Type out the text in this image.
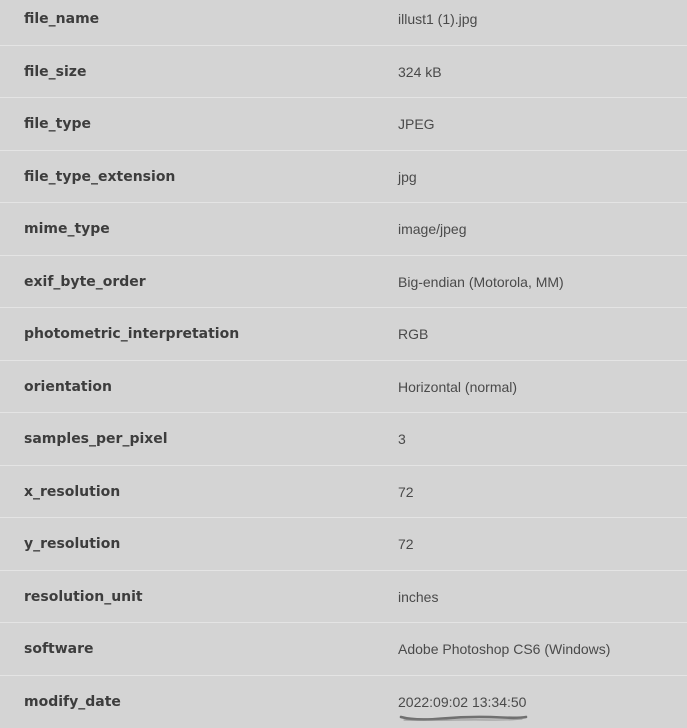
file_name	illust1 (1).jpg
file_size	324 kB
file_type	JPEG
file_type_extension	jpg
mime_type	image/jpeg
exif_byte_order	Big-endian (Motorola, MM)
photometric_interpretation	RGB
orientation	Horizontal (normal)
samples_per_pixel	3
x_resolution	72
y_resolution	72
resolution_unit	inches
software	Adobe Photoshop CS6 (Windows)
modify_date	2022:09:02 13:34:50
